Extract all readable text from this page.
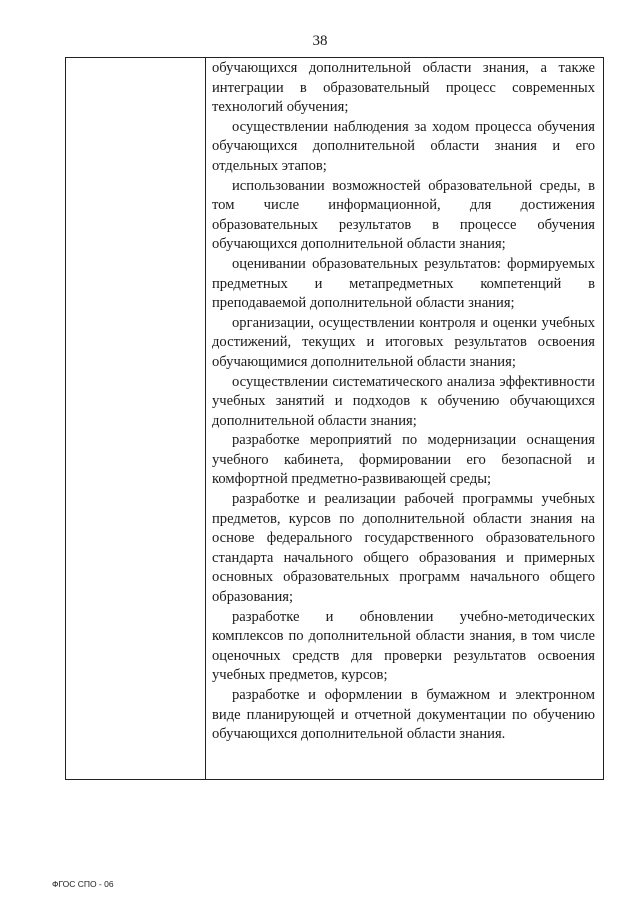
38

обучающихся дополнительной области знания, а также интеграции в образовательный процесс современных технологий обучения;

осуществлении наблюдения за ходом процесса обучения обучающихся дополнительной области знания и его отдельных этапов;

использовании возможностей образовательной среды, в том числе информационной, для достижения образовательных результатов в процессе обучения обучающихся дополнительной области знания;

оценивании образовательных результатов: формируемых предметных и метапредметных компетенций в преподаваемой дополнительной области знания;

организации, осуществлении контроля и оценки учебных достижений, текущих и итоговых результатов освоения обучающимися дополнительной области знания;

осуществлении систематического анализа эффективности учебных занятий и подходов к обучению обучающихся дополнительной области знания;

разработке мероприятий по модернизации оснащения учебного кабинета, формировании его безопасной и комфортной предметно-развивающей среды;

разработке и реализации рабочей программы учебных предметов, курсов по дополнительной области знания на основе федерального государственного образовательного стандарта начального общего образования и примерных основных образовательных программ начального общего образования;

разработке и обновлении учебно-методических комплексов по дополнительной области знания, в том числе оценочных средств для проверки результатов освоения учебных предметов, курсов;

разработке и оформлении в бумажном и электронном виде планирующей и отчетной документации по обучению обучающихся дополнительной области знания.

ФГОС СПО - 06
